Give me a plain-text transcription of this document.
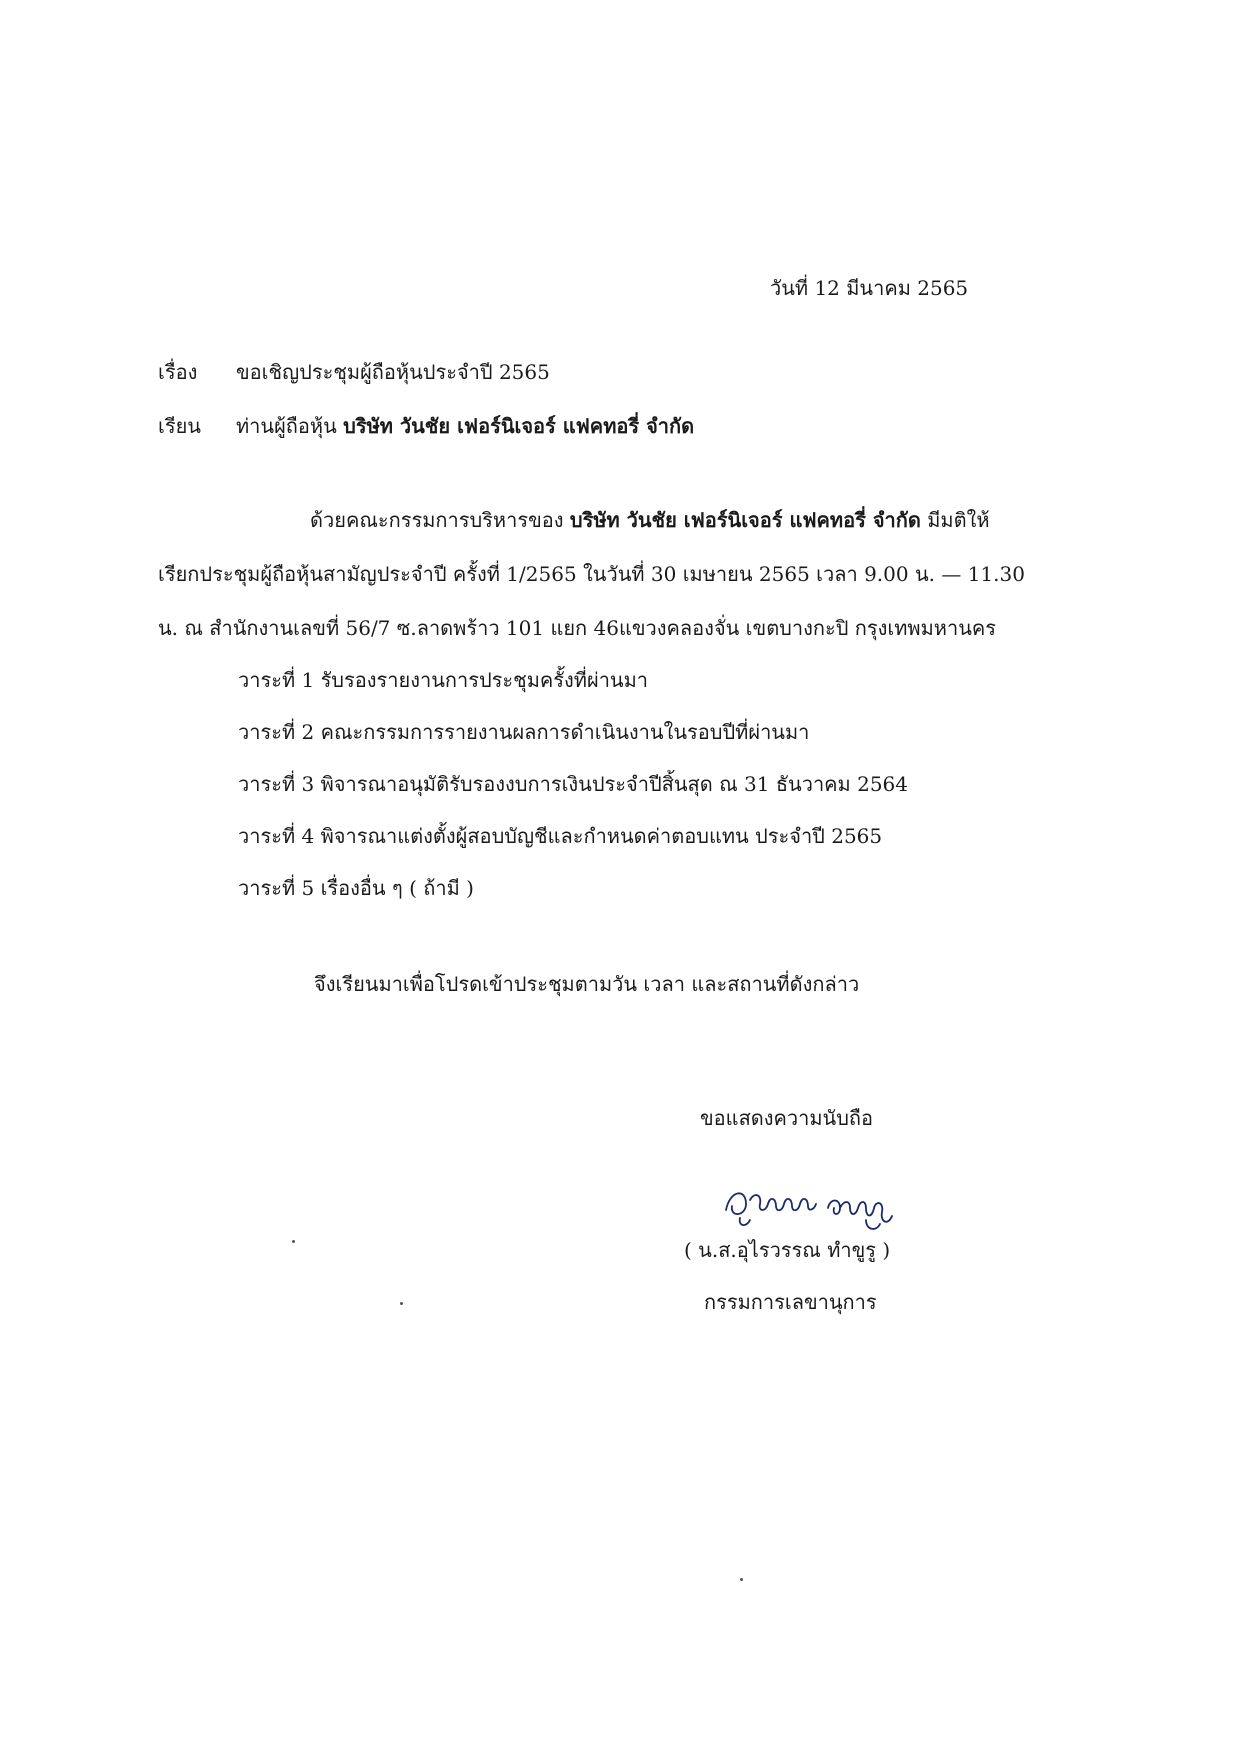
วันที่ 12 มีนาคม 2565
เรื่อง ขอเชิญประชุมผู้ถือหุ้นประจำปี 2565
เรียน ท่านผู้ถือหุ้น บริษัท วันชัย เฟอร์นิเจอร์ แฟคทอรี่ จำกัด
ด้วยคณะกรรมการบริหารของ บริษัท วันชัย เฟอร์นิเจอร์ แฟคทอรี่ จำกัด มีมติให้
เรียกประชุมผู้ถือหุ้นสามัญประจำปี ครั้งที่ 1/2565 ในวันที่ 30 เมษายน 2565 เวลา 9.00 น. — 11.30
น. ณ สำนักงานเลขที่ 56/7 ซ.ลาดพร้าว 101 แยก 46แขวงคลองจั่น เขตบางกะปิ กรุงเทพมหานคร
วาระที่ 1 รับรองรายงานการประชุมครั้งที่ผ่านมา
วาระที่ 2 คณะกรรมการรายงานผลการดำเนินงานในรอบปีที่ผ่านมา
วาระที่ 3 พิจารณาอนุมัติรับรองงบการเงินประจำปีสิ้นสุด ณ 31 ธันวาคม 2564
วาระที่ 4 พิจารณาแต่งตั้งผู้สอบบัญชีและกำหนดค่าตอบแทน ประจำปี 2565
วาระที่ 5 เรื่องอื่น ๆ ( ถ้ามี )
จึงเรียนมาเพื่อโปรดเข้าประชุมตามวัน เวลา และสถานที่ดังกล่าว
ขอแสดงความนับถือ
( น.ส.อุไรวรรณ ทำขูรู )
กรรมการเลขานุการ
